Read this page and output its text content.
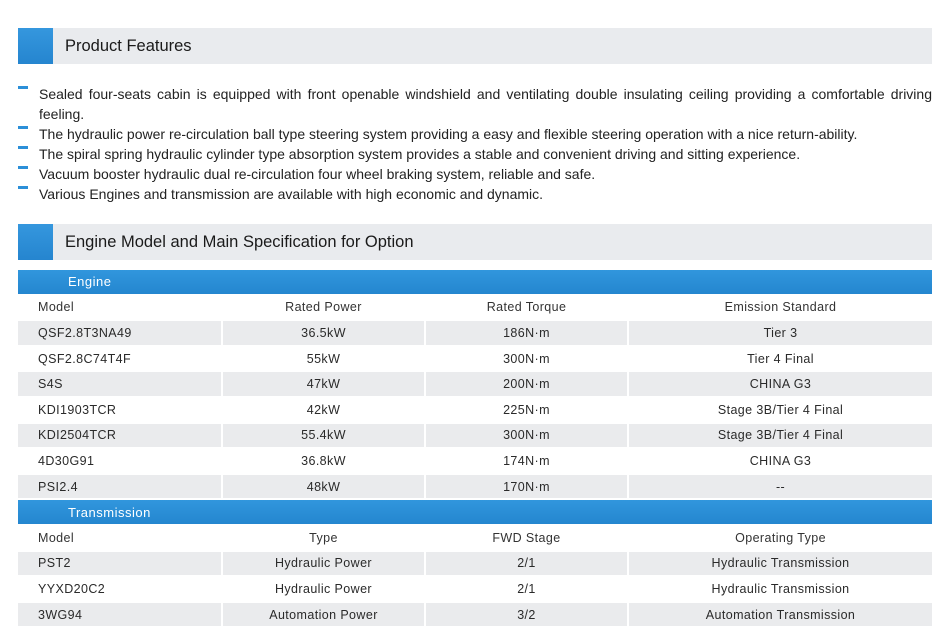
Product Features
Sealed four-seats cabin is equipped with front openable windshield and ventilating double insulating ceiling providing a comfortable driving feeling.
The hydraulic power re-circulation ball type steering system providing a easy and flexible steering operation with a nice return-ability.
The spiral spring hydraulic cylinder type absorption system provides a stable and convenient driving and sitting experience.
Vacuum booster hydraulic dual re-circulation four wheel braking system, reliable and safe.
Various Engines and transmission are available with high economic and dynamic.
Engine Model and Main Specification for Option
Engine			
Model	Rated Power	Rated Torque	Emission Standard
QSF2.8T3NA49	36.5kW	186N·m	Tier 3
QSF2.8C74T4F	55kW	300N·m	Tier 4 Final
S4S	47kW	200N·m	CHINA G3
KDI1903TCR	42kW	225N·m	Stage 3B/Tier 4 Final
KDI2504TCR	55.4kW	300N·m	Stage 3B/Tier 4 Final
4D30G91	36.8kW	174N·m	CHINA G3
PSI2.4	48kW	170N·m	--
Transmission			
Model	Type	FWD Stage	Operating Type
PST2	Hydraulic Power	2/1	Hydraulic Transmission
YYXD20C2	Hydraulic Power	2/1	Hydraulic Transmission
3WG94	Automation Power	3/2	Automation Transmission
